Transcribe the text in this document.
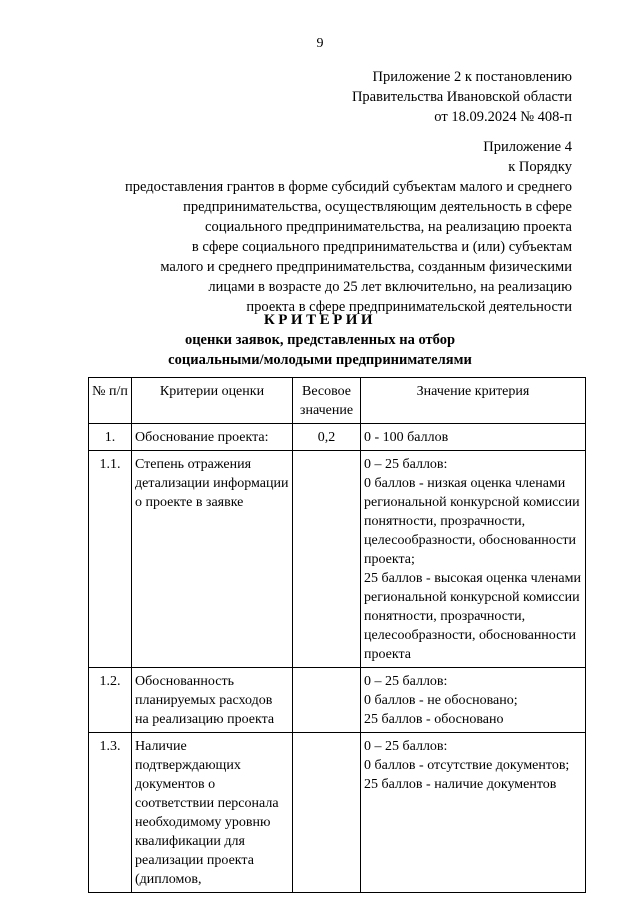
9
Приложение 2 к постановлению
Правительства Ивановской области
от 18.09.2024 № 408-п
Приложение 4
к Порядку
предоставления грантов в форме субсидий субъектам малого и среднего
предпринимательства, осуществляющим деятельность в сфере
социального предпринимательства, на реализацию проекта
в сфере социального предпринимательства и (или) субъектам
малого и среднего предпринимательства, созданным физическими
лицами в возрасте до 25 лет включительно, на реализацию
проекта в сфере предпринимательской деятельности
КРИТЕРИИ
оценки заявок, представленных на отбор
социальными/молодыми предпринимателями
№ п/п	Критерии оценки	Весовое значение	Значение критерия
1.	Обоснование проекта:	0,2	0 - 100 баллов

1.1.	Степень отражения детализации информации о проекте в заявке		0 – 25 баллов:
0 баллов - низкая оценка членами региональной конкурсной комиссии понятности, прозрачности, целесообразности, обоснованности проекта;
25 баллов - высокая оценка членами региональной конкурсной комиссии понятности, прозрачности, целесообразности, обоснованности проекта

1.2.	Обоснованность планируемых расходов на реализацию проекта		0 – 25 баллов:
0 баллов - не обосновано;
25 баллов - обосновано

1.3.	Наличие подтверждающих документов о соответствии персонала необходимому уровню квалификации для реализации проекта (дипломов,		0 – 25 баллов:
0 баллов - отсутствие документов;
25 баллов - наличие документов
